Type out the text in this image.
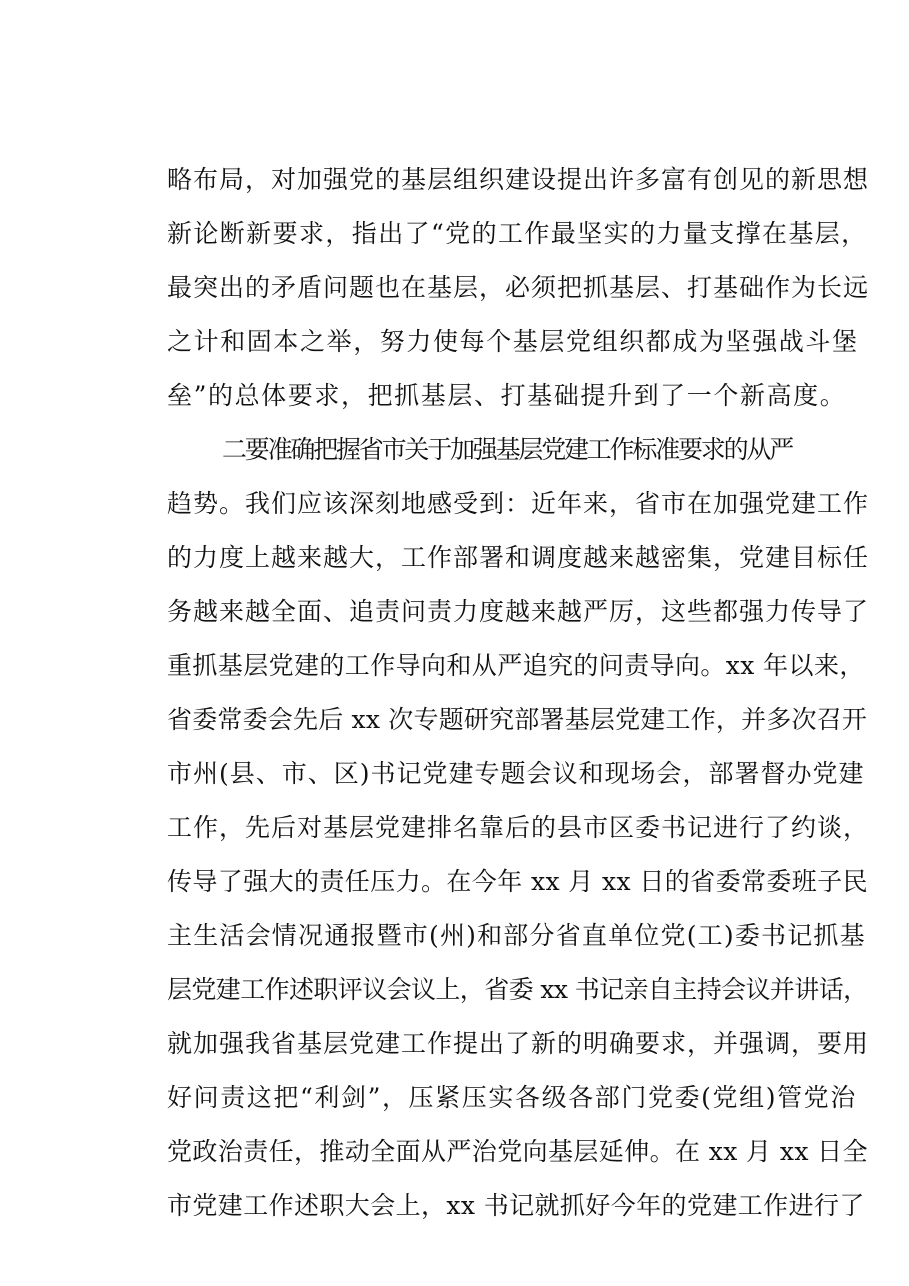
略布局，对加强党的基层组织建设提出许多富有创见的新思想
新论断新要求，指出了“党的工作最坚实的力量支撑在基层，
最突出的矛盾问题也在基层，必须把抓基层、打基础作为长远
之计和固本之举，努力使每个基层党组织都成为坚强战斗堡
垒”的总体要求，把抓基层、打基础提升到了一个新高度。
二要准确把握省市关于加强基层党建工作标准要求的从严
趋势。我们应该深刻地感受到：近年来，省市在加强党建工作
的力度上越来越大，工作部署和调度越来越密集，党建目标任
务越来越全面、追责问责力度越来越严厉，这些都强力传导了
重抓基层党建的工作导向和从严追究的问责导向。xx 年以来，
省委常委会先后 xx 次专题研究部署基层党建工作，并多次召开
市州(县、市、区)书记党建专题会议和现场会，部署督办党建
工作，先后对基层党建排名靠后的县市区委书记进行了约谈，
传导了强大的责任压力。在今年 xx 月 xx 日的省委常委班子民
主生活会情况通报暨市(州)和部分省直单位党(工)委书记抓基
层党建工作述职评议会议上，省委 xx 书记亲自主持会议并讲话，
就加强我省基层党建工作提出了新的明确要求，并强调，要用
好问责这把“利剑”，压紧压实各级各部门党委(党组)管党治
党政治责任，推动全面从严治党向基层延伸。在 xx 月 xx 日全
市党建工作述职大会上，xx 书记就抓好今年的党建工作进行了
